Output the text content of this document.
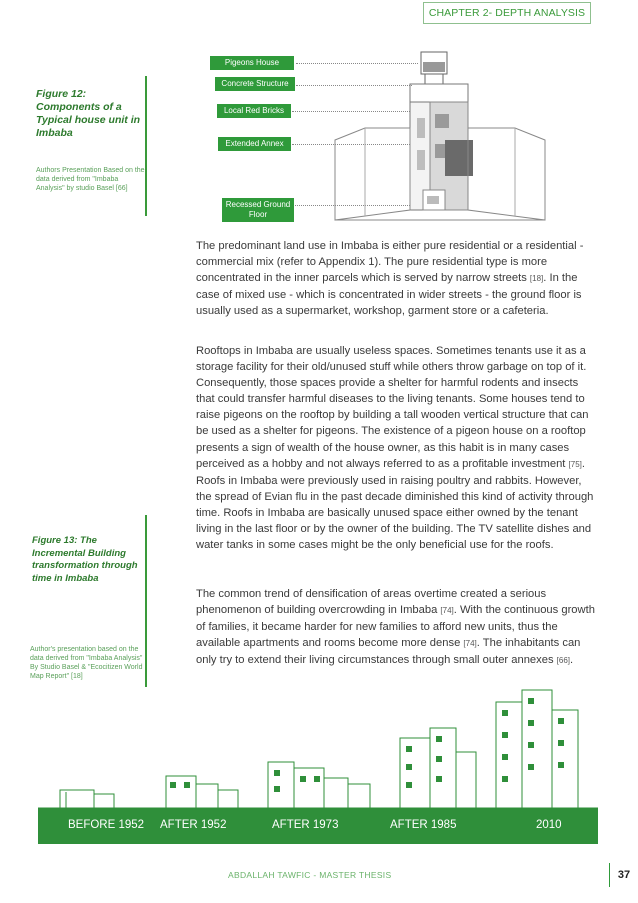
CHAPTER 2- DEPTH ANALYSIS
Figure 12: Components of a Typical house unit in Imbaba
Authors Presentation Based on the data derived from "Imbaba Analysis" by studio Basel [66]
Pigeons House
Concrete Structure
Local Red Bricks
Extended Annex
Recessed Ground Floor
The predominant land use in Imbaba is either pure residential or a residential - commercial mix (refer to Appendix 1). The pure residential type is more concentrated in the inner parcels which is served by narrow streets [18]. In the case of mixed use - which is concentrated in wider streets - the ground floor is usually used as a supermarket, workshop, garment store or a cafeteria.
Rooftops in Imbaba are usually useless spaces. Sometimes tenants use it as a storage facility for their old/unused stuff while others throw garbage on top of it. Consequently, those spaces provide a shelter for harmful rodents and insects that could transfer harmful diseases to the living tenants. Some houses tend to raise pigeons on the rooftop by building a tall wooden vertical structure that can be used as a shelter for pigeons. The existence of a pigeon house on a rooftop presents a sign of wealth of the house owner, as this habit is in many cases perceived as a hobby and not always referred to as a profitable investment [75]. Roofs in Imbaba were previously used in raising poultry and rabbits. However, the spread of Evian flu in the past decade diminished this kind of activity through time. Roofs in Imbaba are basically unused space either owned by the tenant living in the last floor or by the owner of the building. The TV satellite dishes and water tanks in some cases might be the only beneficial use for the roofs.
The common trend of densification of areas overtime created a serious phenomenon of building overcrowding in Imbaba [74]. With the continuous growth of families, it became harder for new families to afford new units, thus the available apartments and rooms become more dense [74]. The inhabitants can only try to extend their living circumstances through small outer annexes [66].
Figure 13: The Incremental Building transformation through time in Imbaba
Author's presentation based on the data derived from "Imbaba Analysis" By Studio Basel & "Ecocitizen World Map Report" [18]
BEFORE 1952 AFTER 1952	AFTER 1973	AFTER 1985	2010
ABDALLAH TAWFIC - MASTER THESIS	37
